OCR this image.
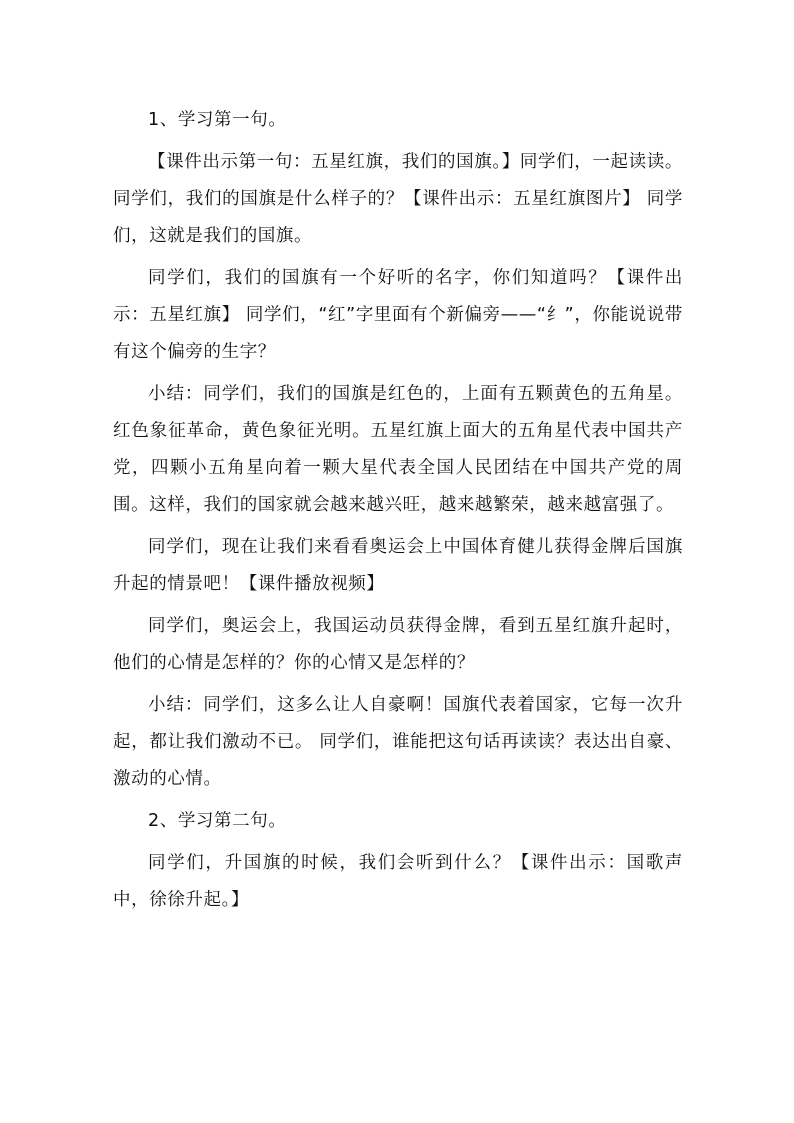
1、学习第一句。

【课件出示第一句：五星红旗，我们的国旗。】同学们，一起读读。 同学们，我们的国旗是什么样子的？【课件出示：五星红旗图片】 同学们，这就是我们的国旗。

同学们，我们的国旗有一个好听的名字，你们知道吗？【课件出示：五星红旗】 同学们，“红”字里面有个新偏旁——“纟”，你能说说带有这个偏旁的生字？

小结：同学们，我们的国旗是红色的，上面有五颗黄色的五角星。红色象征革命，黄色象征光明。五星红旗上面大的五角星代表中国共产党，四颗小五角星向着一颗大星代表全国人民团结在中国共产党的周围。这样，我们的国家就会越来越兴旺，越来越繁荣，越来越富强了。

同学们，现在让我们来看看奥运会上中国体育健儿获得金牌后国旗升起的情景吧！【课件播放视频】

同学们，奥运会上，我国运动员获得金牌，看到五星红旗升起时，他们的心情是怎样的？你的心情又是怎样的？

小结：同学们，这多么让人自豪啊！国旗代表着国家，它每一次升起，都让我们激动不已。 同学们，谁能把这句话再读读？表达出自豪、激动的心情。

2、学习第二句。

同学们，升国旗的时候，我们会听到什么？【课件出示：国歌声中，徐徐升起。】
